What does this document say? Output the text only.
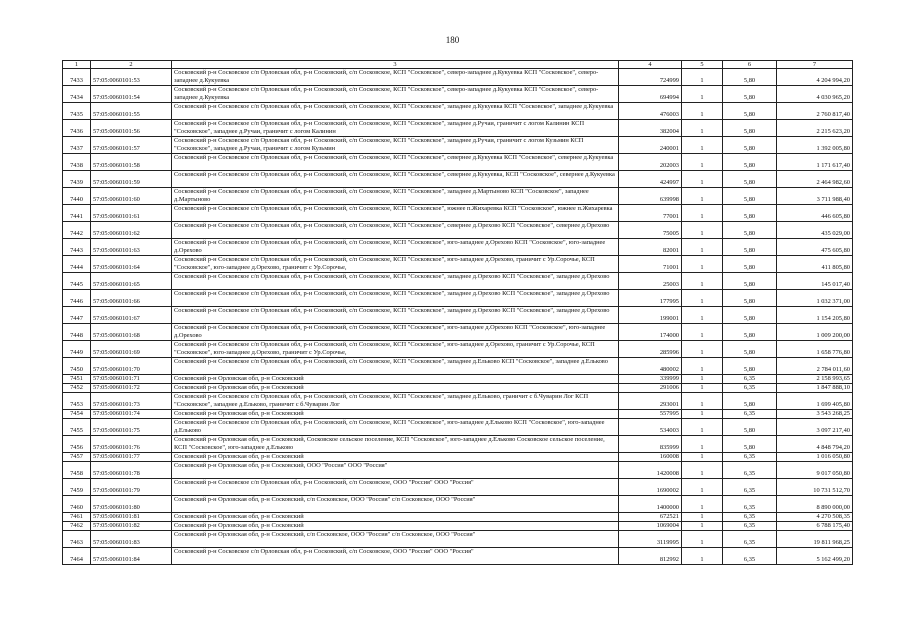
180
1	2	3	4	5	6	7
7433	57:05:0060101:53	Сосковский р-н Сосковское с/п Орловская обл, р-н Сосковский, с/п Сосковское, КСП "Сосковское", северо-западнее д.Кукуевка КСП "Сосковское", северо-западнее д.Кукуевка	724999	1	5,80	4 204 994,20
7434	57:05:0060101:54	Сосковский р-н Сосковское с/п Орловская обл, р-н Сосковский, с/п Сосковское, КСП "Сосковское", северо-западнее д.Кукуевка КСП "Сосковское", северо-западнее д.Кукуевка	694994	1	5,80	4 030 965,20
7435	57:05:0060101:55	Сосковский р-н Сосковское с/п Орловская обл, р-н Сосковский, с/п Сосковское, КСП "Сосковское", западнее д.Кукуевка КСП "Сосковское", западнее д.Кукуевка	476003	1	5,80	2 760 817,40
7436	57:05:0060101:56	Сосковский р-н Сосковское с/п Орловская обл, р-н Сосковский, с/п Сосковское, КСП "Сосковское", западнее д.Ручаи, граничит с логом Калинин КСП "Сосковское", западнее д.Ручаи, граничит с логом Калинин	382004	1	5,80	2 215 623,20
7437	57:05:0060101:57	Сосковский р-н Сосковское с/п Орловская обл, р-н Сосковский, с/п Сосковское, КСП "Сосковское", западнее д.Ручаи, граничит с логом Кузьмин КСП "Сосковское", западнее д.Ручаи, граничит с логом Кузьмин	240001	1	5,80	1 392 005,80
7438	57:05:0060101:58	Сосковский р-н Сосковское с/п Орловская обл, р-н Сосковский, с/п Сосковское, КСП "Сосковское", севернее д.Кукуевка КСП "Сосковское", севернее д.Кукуевка	202003	1	5,80	1 171 617,40
7439	57:05:0060101:59	Сосковский р-н Сосковское с/п Орловская обл, р-н Сосковский, с/п Сосковское, КСП "Сосковское", севернее д.Кукуевка, КСП "Сосковское", севернее д.Кукуевка	424997	1	5,80	2 464 982,60
7440	57:05:0060101:60	Сосковский р-н Сосковское с/п Орловская обл, р-н Сосковский, с/п Сосковское, КСП "Сосковское", западнее д.Мартыново КСП "Сосковское", западнее д.Мартыново	639998	1	5,80	3 711 988,40
7441	57:05:0060101:61	Сосковский р-н Сосковское с/п Орловская обл, р-н Сосковский, с/п Сосковское, КСП "Сосковское", южнее п.Жихаревка КСП "Сосковское", южнее п.Жихаревка	77001	1	5,80	446 605,80
7442	57:05:0060101:62	Сосковский р-н Сосковское с/п Орловская обл, р-н Сосковский, с/п Сосковское, КСП "Сосковское", севернее д.Орехово КСП "Сосковское", севернее д.Орехово	75005	1	5,80	435 029,00
7443	57:05:0060101:63	Сосковский р-н Сосковское с/п Орловская обл, р-н Сосковский, с/п Сосковское, КСП "Сосковское", юго-западнее д.Орехово КСП "Сосковское", юго-западнее д.Орехово	82001	1	5,80	475 605,80
7444	57:05:0060101:64	Сосковский р-н Сосковское с/п Орловская обл, р-н Сосковский, с/п Сосковское, КСП "Сосковское", юго-западнее д.Орехово, граничит с Ур.Сорочье, КСП "Сосковское", юго-западнее д.Орехово, граничит с Ур.Сорочье,	71001	1	5,80	411 805,80
7445	57:05:0060101:65	Сосковский р-н Сосковское с/п Орловская обл, р-н Сосковский, с/п Сосковское, КСП "Сосковское", западнее д.Орехово КСП "Сосковское", западнее д.Орехово	25003	1	5,80	145 017,40
7446	57:05:0060101:66	Сосковский р-н Сосковское с/п Орловская обл, р-н Сосковский, с/п Сосковское, КСП "Сосковское", западнее д.Орехово КСП "Сосковское", западнее д.Орехово	177995	1	5,80	1 032 371,00
7447	57:05:0060101:67	Сосковский р-н Сосковское с/п Орловская обл, р-н Сосковский, с/п Сосковское, КСП "Сосковское", западнее д.Орехово КСП "Сосковское", западнее д.Орехово	199001	1	5,80	1 154 205,80
7448	57:05:0060101:68	Сосковский р-н Сосковское с/п Орловская обл, р-н Сосковский, с/п Сосковское, КСП "Сосковское", юго-западнее д.Орехово КСП "Сосковское", юго-западнее д.Орехово	174000	1	5,80	1 009 200,00
7449	57:05:0060101:69	Сосковский р-н Сосковское с/п Орловская обл, р-н Сосковский, с/п Сосковское, КСП "Сосковское", юго-западнее д.Орехово, граничит с Ур.Сорочье, КСП "Сосковское", юго-западнее д.Орехово, граничит с Ур.Сорочье,	285996	1	5,80	1 658 776,80
7450	57:05:0060101:70	Сосковский р-н Сосковское с/п Орловская обл, р-н Сосковский, с/п Сосковское, КСП "Сосковское", западнее д.Ельково КСП "Сосковское", западнее д.Ельково	480002	1	5,80	2 784 011,60
7451	57:05:0060101:71	Сосковский р-н Орловская обл, р-н Сосковский	339999	1	6,35	2 158 993,65
7452	57:05:0060101:72	Сосковский р-н Орловская обл, р-н Сосковский	291006	1	6,35	1 847 888,10
7453	57:05:0060101:73	Сосковский р-н Сосковское с/п Орловская обл, р-н Сосковский, с/п Сосковское, КСП "Сосковское", западнее д.Ельково, граничит с б.Чуварин Лог КСП "Сосковское", западнее д.Ельково, граничит с б.Чуварин Лог	293001	1	5,80	1 699 405,80
7454	57:05:0060101:74	Сосковский р-н Орловская обл, р-н Сосковский	557995	1	6,35	3 543 268,25
7455	57:05:0060101:75	Сосковский р-н Сосковское с/п Орловская обл, р-н Сосковский, с/п Сосковское, КСП "Сосковское", юго-западнее д.Ельково КСП "Сосковское", юго-западнее д.Ельково	534003	1	5,80	3 097 217,40
7456	57:05:0060101:76	Сосковский р-н Орловская обл, р-н Сосковский, Сосковское сельское поселение, КСП "Сосковское", юго-западнее д.Ельково Сосковское сельское поселение, КСП "Сосковское", юго-западнее д.Ельково	835999	1	5,80	4 848 794,20
7457	57:05:0060101:77	Сосковский р-н Орловская обл, р-н Сосковский	160008	1	6,35	1 016 050,80
7458	57:05:0060101:78	Сосковский р-н Орловская обл, р-н Сосковский, ООО "Россия" ООО "Россия"	1420008	1	6,35	9 017 050,80
7459	57:05:0060101:79	Сосковский р-н Сосковское с/п Орловская обл, р-н Сосковский, с/п Сосковское, ООО "Россия" ООО "Россия"	1690002	1	6,35	10 731 512,70
7460	57:05:0060101:80	Сосковский р-н Орловская обл, р-н Сосковский, с/п Сосковское, ООО "Россия" с/п Сосковское, ООО "Россия"	1400000	1	6,35	8 890 000,00
7461	57:05:0060101:81	Сосковский р-н Орловская обл, р-н Сосковский	672521	1	6,35	4 270 508,35
7462	57:05:0060101:82	Сосковский р-н Орловская обл, р-н Сосковский	1069004	1	6,35	6 788 175,40
7463	57:05:0060101:83	Сосковский р-н Орловская обл, р-н Сосковский, с/п Сосковское, ООО "Россия" с/п Сосковское, ООО "Россия"	3119995	1	6,35	19 811 968,25
7464	57:05:0060101:84	Сосковский р-н Сосковское с/п Орловская обл, р-н Сосковский, с/п Сосковское, ООО "Россия" ООО "Россия"	812992	1	6,35	5 162 499,20
